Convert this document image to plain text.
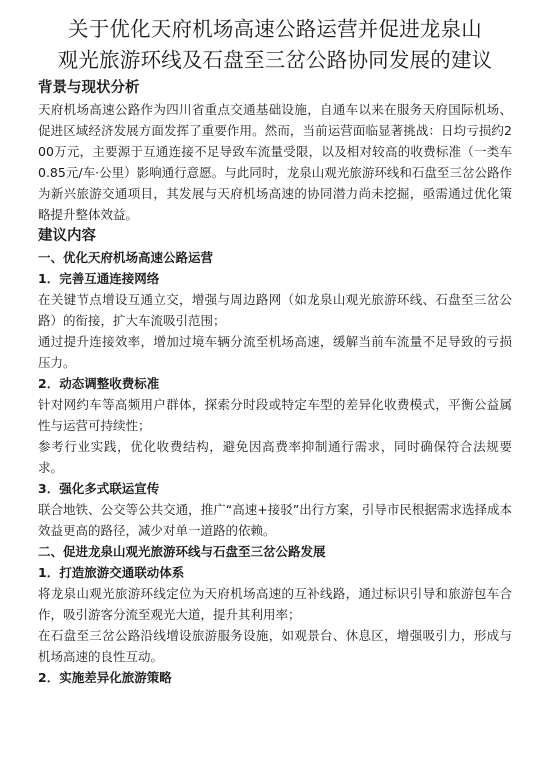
关于优化天府机场高速公路运营并促进龙泉山
观光旅游环线及石盘至三岔公路协同发展的建议
背景与现状分析

天府机场高速公路作为四川省重点交通基础设施，自通车以来在服务天府国际机场、促进区域经济发展方面发挥了重要作用。然而，当前运营面临显著挑战：日均亏损约200万元，主要源于互通连接不足导致车流量受限，以及相对较高的收费标准（一类车0.85元/车·公里）影响通行意愿。与此同时，龙泉山观光旅游环线和石盘至三岔公路作为新兴旅游交通项目，其发展与天府机场高速的协同潜力尚未挖掘，亟需通过优化策略提升整体效益。

建议内容
一、优化天府机场高速公路运营
1．完善互通连接网络

在关键节点增设互通立交，增强与周边路网（如龙泉山观光旅游环线、石盘至三岔公路）的衔接，扩大车流吸引范围；

通过提升连接效率，增加过境车辆分流至机场高速，缓解当前车流量不足导致的亏损压力。

2．动态调整收费标准

针对网约车等高频用户群体，探索分时段或特定车型的差异化收费模式，平衡公益属性与运营可持续性；

参考行业实践，优化收费结构，避免因高费率抑制通行需求，同时确保符合法规要求。

3．强化多式联运宣传

联合地铁、公交等公共交通，推广“高速+接驳”出行方案，引导市民根据需求选择成本效益更高的路径，减少对单一道路的依赖。

二、促进龙泉山观光旅游环线与石盘至三岔公路发展
1．打造旅游交通联动体系

将龙泉山观光旅游环线定位为天府机场高速的互补线路，通过标识引导和旅游包车合作，吸引游客分流至观光大道，提升其利用率；

在石盘至三岔公路沿线增设旅游服务设施，如观景台、休息区，增强吸引力，形成与机场高速的良性互动。

2．实施差异化旅游策略
